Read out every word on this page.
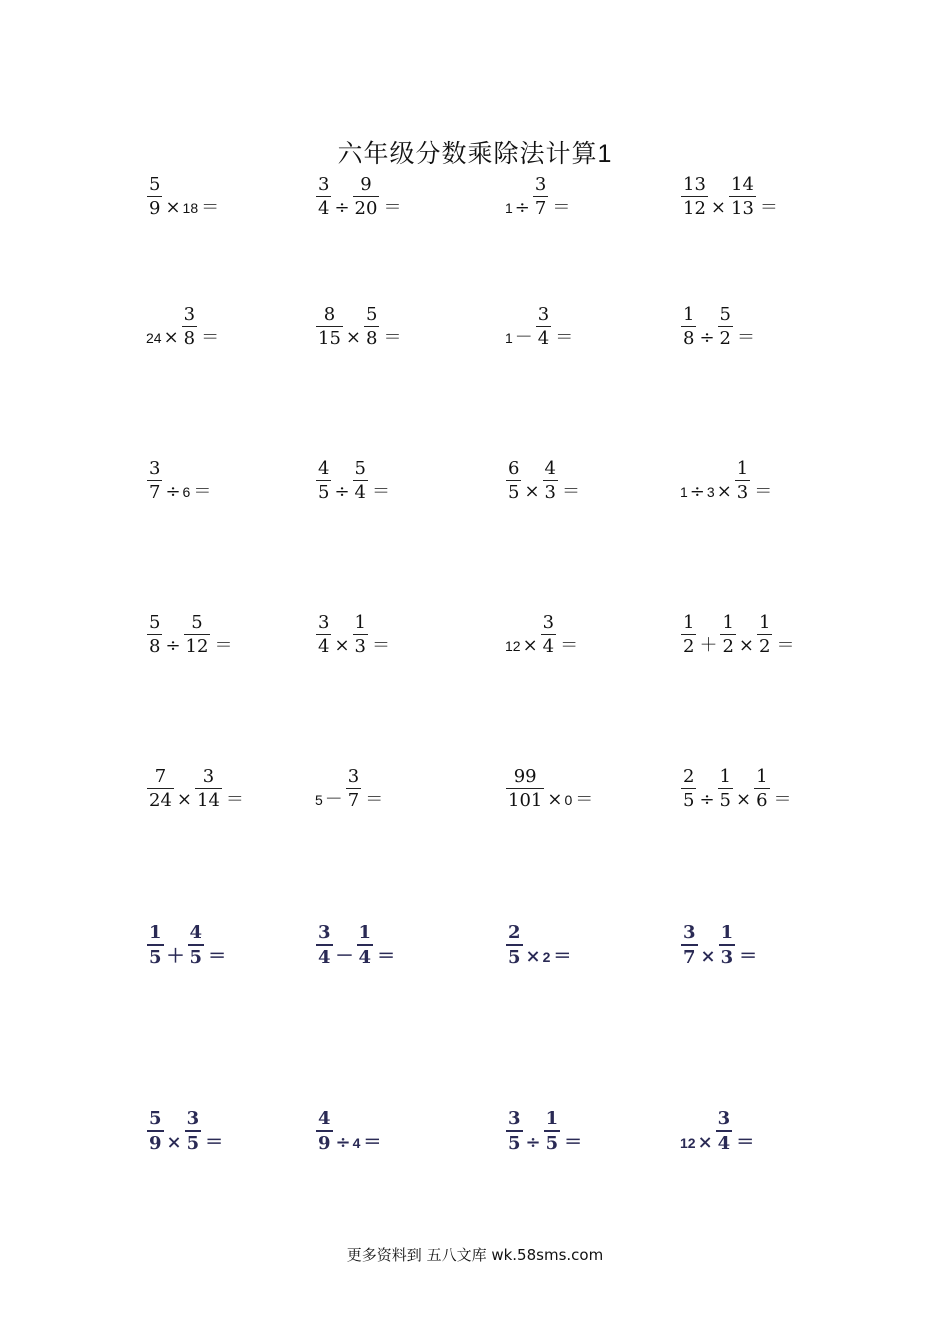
六年级分数乘除法计算1
$\frac{5}{9} \times 18$ ＝	$\frac{3}{4} \div \frac{9}{20}$ ＝	$1 \div \frac{3}{7}$ ＝	$\frac{13}{12} \times \frac{14}{13}$ ＝
$24 \times \frac{3}{8}$ ＝	$\frac{8}{15} \times \frac{5}{8}$ ＝	$1 - \frac{3}{4}$ ＝	$\frac{1}{8} \div \frac{5}{2}$ ＝
$\frac{3}{7} \div 6$ ＝	$\frac{4}{5} \div \frac{5}{4}$ ＝	$\frac{6}{5} \times \frac{4}{3}$ ＝	$1 \div 3 \times \frac{1}{3}$ ＝
$\frac{5}{8} \div \frac{5}{12}$ ＝	$\frac{3}{4} \times \frac{1}{3}$ ＝	$12 \times \frac{3}{4}$ ＝	$\frac{1}{2} + \frac{1}{2} \times \frac{1}{2}$ ＝
$\frac{7}{24} \times \frac{3}{14}$ ＝	$5 - \frac{3}{7}$ ＝	$\frac{99}{101} \times 0$ ＝	$\frac{2}{5} \div \frac{1}{5} \times \frac{1}{6}$ ＝
$\frac{1}{5} + \frac{4}{5}$ ＝	$\frac{3}{4} - \frac{1}{4}$ ＝	$\frac{2}{5} \times 2$ ＝	$\frac{3}{7} \times \frac{1}{3}$ ＝
$\frac{5}{9} \times \frac{3}{5}$ ＝	$\frac{4}{9} \div 4$ ＝	$\frac{3}{5} \div \frac{1}{5}$ ＝	$12 \times \frac{3}{4}$ ＝
更多资料到 五八文库 wk.58sms.com
